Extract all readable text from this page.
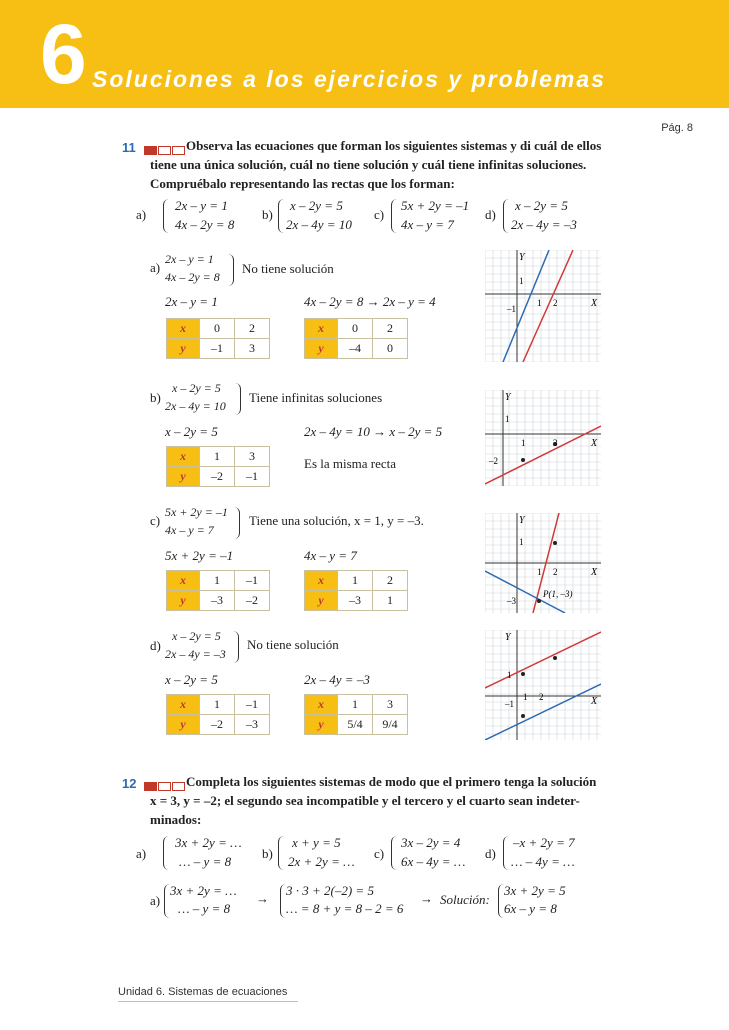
6 Soluciones a los ejercicios y problemas
Pág. 8
11	Observa las ecuaciones que forman los siguientes sistemas y di cuál de ellos
tiene una única solución, cuál no tiene solución y cuál tiene infinitas soluciones.
Compruébalo representando las rectas que los forman:
a)
2x – y = 1
4x – 2y = 8
b)
x – 2y = 5
2x – 4y = 10
c)
5x + 2y = –1
4x – y = 7
d)
x – 2y = 5
2x – 4y = –3
a)
2x – y = 1
4x – 2y = 8
No tiene solución
2x – y = 1	4x – 2y = 8 → 2x – y = 4
x	0	2
y	–1	3
x	0	2
y	–4	0
b)
x – 2y = 5
2x – 4y = 10
Tiene infinitas soluciones
x – 2y = 5	2x – 4y = 10 → x – 2y = 5
x	1	3
y	–2	–1
Es la misma recta
c)
5x + 2y = –1
4x – y = 7
Tiene una solución, x = 1, y = –3.
5x + 2y = –1	4x – y = 7
x	1	–1
y	–3	–2
x	1	2
y	–3	1
d)
x – 2y = 5
2x – 4y = –3
No tiene solución
x – 2y = 5	2x – 4y = –3
x	1	–1
y	–2	–3
x	1	3
y	5/4	9/4
Y
X
1
1 2
–1
Y
X
1
1	3
–2
Y
X
1
1 2
–3
P(1, –3)
Y
X
1
1 2
–1
12	Completa los siguientes sistemas de modo que el primero tenga la solución
x = 3, y = –2; el segundo sea incompatible y el tercero y el cuarto sean indeter-
minados:
a)
3x + 2y = …
… – y = 8
b)
x + y = 5
2x + 2y = …
c)
3x – 2y = 4
6x – 4y = …
d)
–x + 2y = 7
… – 4y = …
a)
3x + 2y = …
… – y = 8
→
3 · 3 + 2(–2) = 5
… = 8 + y = 8 – 2 = 6
→ Solución:
3x + 2y = 5
6x – y = 8
Unidad 6. Sistemas de ecuaciones
